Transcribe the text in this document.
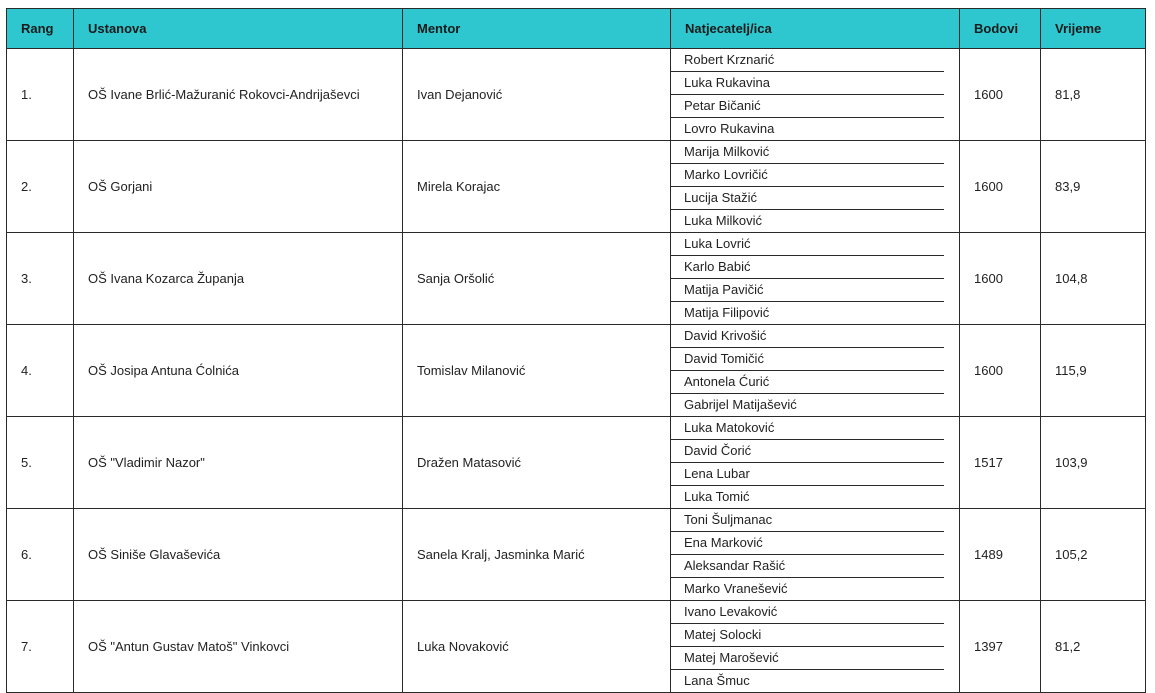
Rang	Ustanova	Mentor	Natjecatelj/ica	Bodovi	Vrijeme
1.	OŠ Ivane Brlić-Mažuranić Rokovci-Andrijaševci	Ivan Dejanović	Robert Krznarić
Luka Rukavina
Petar Bičanić
Lovro Rukavina	1600	81,8
2.	OŠ Gorjani	Mirela Korajac	Marija Milković
Marko Lovričić
Lucija Stažić
Luka Milković	1600	83,9
3.	OŠ Ivana Kozarca Županja	Sanja Oršolić	Luka Lovrić
Karlo Babić
Matija Pavičić
Matija Filipović	1600	104,8
4.	OŠ Josipa Antuna Ćolnića	Tomislav Milanović	David Krivošić
David Tomičić
Antonela Ćurić
Gabrijel Matijašević	1600	115,9
5.	OŠ "Vladimir Nazor"	Dražen Matasović	Luka Matoković
David Čorić
Lena Lubar
Luka Tomić	1517	103,9
6.	OŠ Siniše Glavaševića	Sanela Kralj, Jasminka Marić	Toni Šuljmanac
Ena Marković
Aleksandar Rašić
Marko Vranešević	1489	105,2
7.	OŠ "Antun Gustav Matoš" Vinkovci	Luka Novaković	Ivano Levaković
Matej Solocki
Matej Marošević
Lana Šmuc	1397	81,2
